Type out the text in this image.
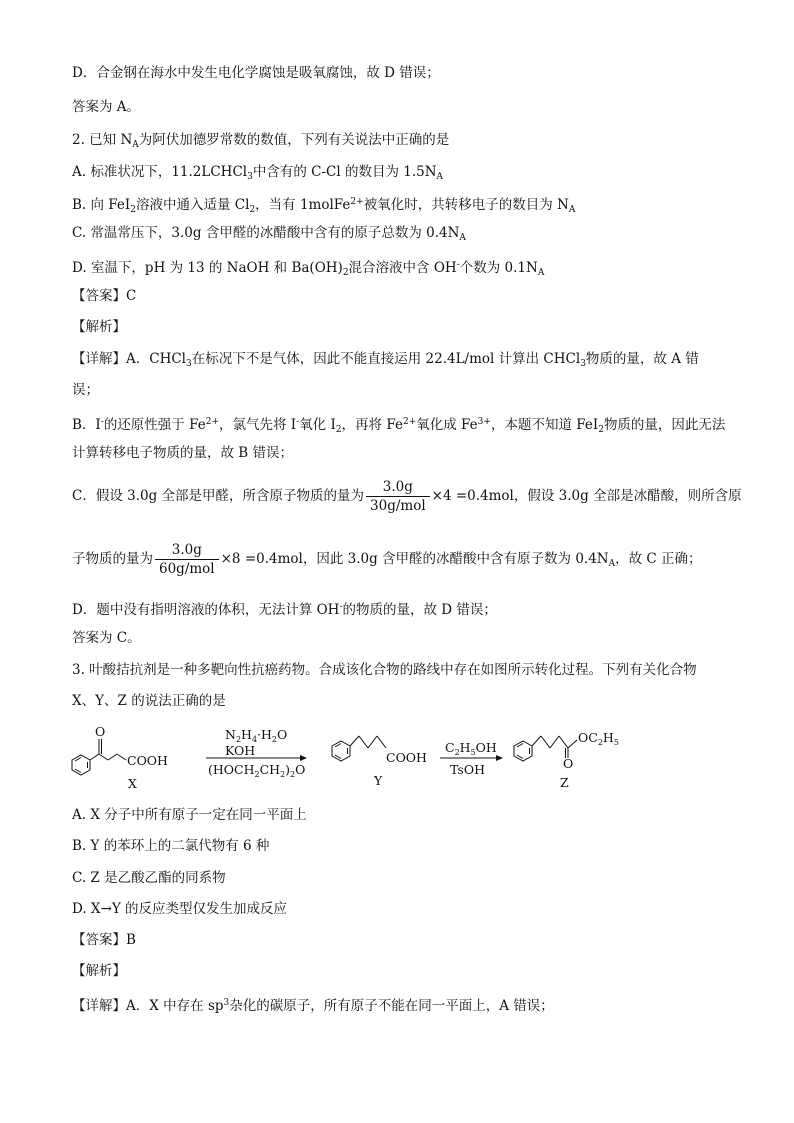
D．合金钢在海水中发生电化学腐蚀是吸氧腐蚀，故 D 错误；
答案为 A。
2. 已知 $N_A$为阿伏加德罗常数的数值，下列有关说法中正确的是
A. 标准状况下，11.2LCHCl$_3$中含有的 C-Cl 的数目为 $1.5N_A$
B. 向 FeI$_2$溶液中通入适量 $Cl_2$，当有 1molFe$^{2+}$被氧化时，共转移电子的数目为 $N_A$
C. 常温常压下，3.0g 含甲醛的冰醋酸中含有的原子总数为 $0.4N_A$
D. 室温下，pH 为 13 的 NaOH 和 $Ba(OH)_2$混合溶液中含 OH-个数为 $0.1N_A$
【答案】C
【解析】
【详解】A．CHCl$_3$在标况下不是气体，因此不能直接运用 22.4L/mol 计算出 CHCl$_3$物质的量，故 A 错
误；
B．I-的还原性强于 $Fe^{2+}$，氯气先将 I-氧化 $I_2$，再将 $Fe^{2+}$氧化成 $Fe^{3+}$，本题不知道 FeI$_2$物质的量，因此无法
计算转移电子物质的量，故 B 错误；
C．假设 3.0g 全部是甲醛，所含原子物质的量为 $\frac{3.0g}{\text{30g/mol}} \times 4 =0.4mol$，假设 3.0g 全部是冰醋酸，则所含原
子物质的量为 $\frac{3.0g}{\text{60g/mol}} \times 8 =0.4mol$，因此 3.0g 含甲醛的冰醋酸中含有原子数为 $0.4N_A$，故 C 正确；
D．题中没有指明溶液的体积，无法计算 OH-的物质的量，故 D 错误；
答案为 C。
3. 叶酸拮抗剂是一种多靶向性抗癌药物。合成该化合物的路线中存在如图所示转化过程。下列有关化合物
X、Y、Z 的说法正确的是
O
COOH
X
$N_2H_4\cdot H_2O$
KOH
$(HOCH_2CH_2)_2O$
COOH
Y
$C_2H_5OH$
TsOH
$OC_2H_5$
O
Z
A. X 分子中所有原子一定在同一平面上
B. Y 的苯环上的二氯代物有 6 种
C. Z 是乙酸乙酯的同系物
D. X→Y 的反应类型仅发生加成反应
【答案】B
【解析】
【详解】A．X 中存在 $sp^3$杂化的碳原子，所有原子不能在同一平面上，A 错误；
